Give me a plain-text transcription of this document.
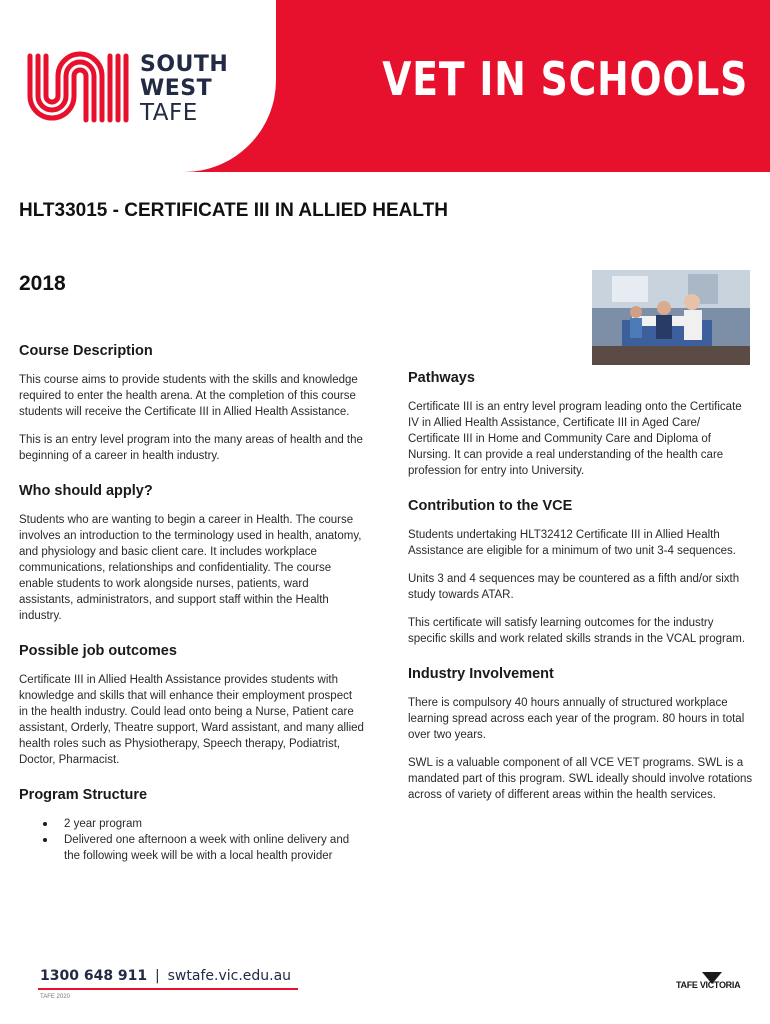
SOUTH
WEST
TAFE
VET IN SCHOOLS
HLT33015 - CERTIFICATE III IN ALLIED HEALTH
2018
Course Description

This course aims to provide students with the skills and knowledge required to enter the health arena. At the completion of this course students will receive the Certificate III in Allied Health Assistance.

This is an entry level program into the many areas of health and the beginning of a career in health industry.

Who should apply?

Students who are wanting to begin a career in Health. The course involves an introduction to the terminology used in health, anatomy, and physiology and basic client care. It includes workplace communications, relationships and confidentiality. The course enable students to work alongside nurses, patients, ward assistants, administrators, and support staff within the Health industry.

Possible job outcomes

Certificate III in Allied Health Assistance provides students with knowledge and skills that will enhance their employment prospect in the health industry. Could lead onto being a Nurse, Patient care assistant, Orderly, Theatre support, Ward assistant, and many allied health roles such as Physiotherapy, Speech therapy, Podiatrist, Doctor, Pharmacist.

Program Structure
2 year program
Delivered one afternoon a week with online delivery and the following week will be with a local health provider
Pathways

Certificate III is an entry level program leading onto the Certificate IV in Allied Health Assistance, Certificate III in Aged Care/ Certificate III in Home and Community Care and Diploma of Nursing. It can provide a real understanding of the health care profession for entry into University.

Contribution to the VCE

Students undertaking HLT32412 Certificate III in Allied Health Assistance are eligible for a minimum of two unit 3-4 sequences.

Units 3 and 4 sequences may be countered as a fifth and/or sixth study towards ATAR.

This certificate will satisfy learning outcomes for the industry specific skills and work related skills strands in the VCAL program.

Industry Involvement

There is compulsory 40 hours annually of structured workplace learning spread across each year of the program. 80 hours in total over two years.

SWL is a valuable component of all VCE VET programs. SWL is a mandated part of this program. SWL ideally should involve rotations across of variety of different areas within the health services.

1300 648 911 | swtafe.vic.edu.au
TAFE 2020
TAFE VICTORIA
